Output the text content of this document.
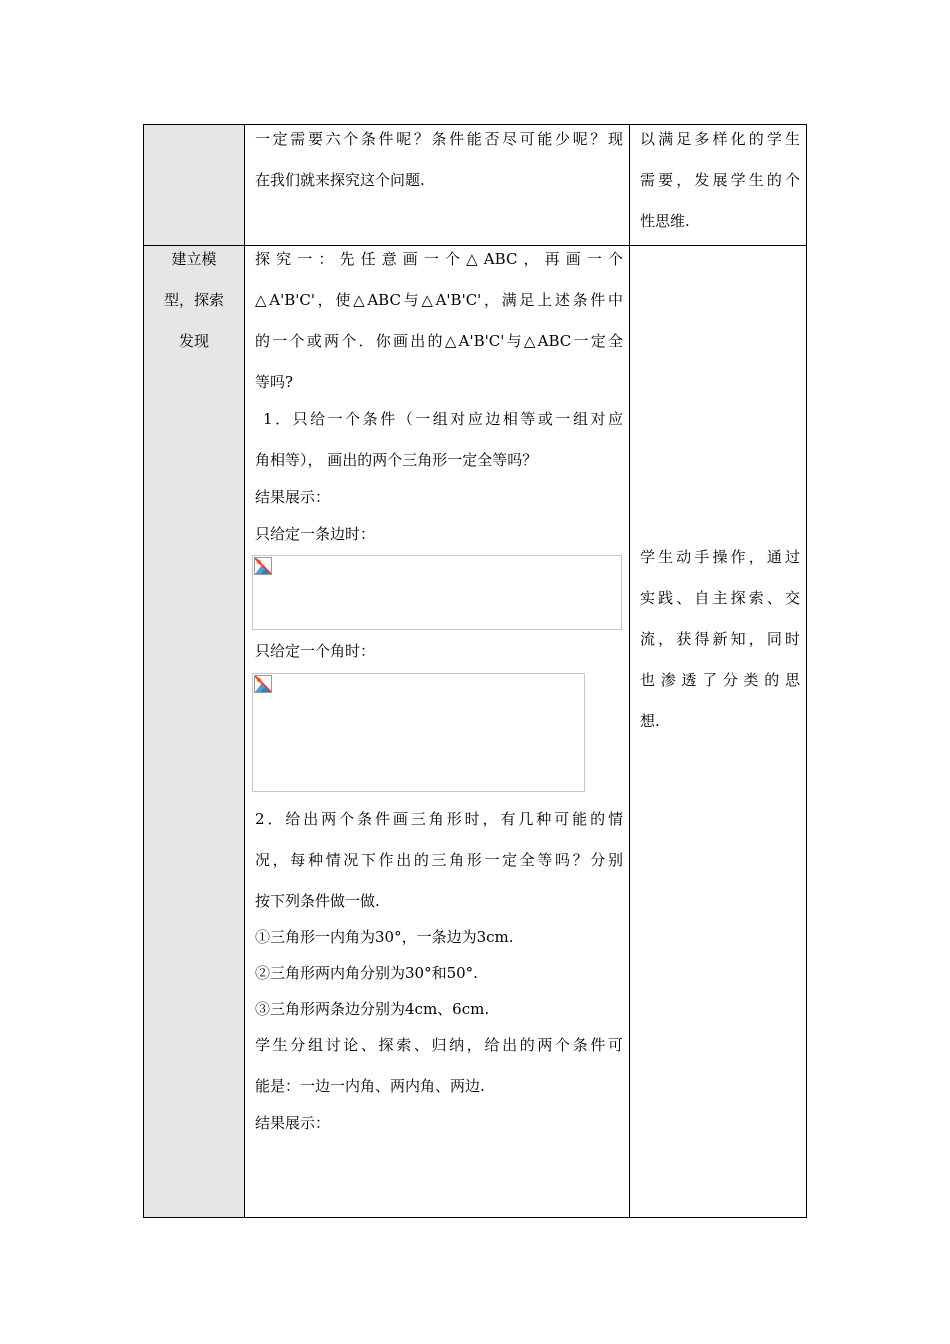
一定需要六个条件呢？条件能否尽可能少呢？现

在我们就来探究这个问题.

以满足多样化的学生

需要，发展学生的个

性思维.

建立模

型，探索

发现

探究一：先任意画一个△ABC，再画一个

△A'B'C'，使△ABC与△A'B'C'，满足上述条件中

的一个或两个．你画出的△A'B'C'与△ABC一定全

等吗?

1．只给一个条件（一组对应边相等或一组对应

角相等）， 画出的两个三角形一定全等吗？

结果展示：
只给定一条边时：
只给定一个角时：

2．给出两个条件画三角形时，有几种可能的情

况，每种情况下作出的三角形一定全等吗？分别

按下列条件做一做.

①三角形一内角为30°，一条边为3cm.
②三角形两内角分别为30°和50°.
③三角形两条边分别为4cm、6cm.

学生分组讨论、探索、归纳，给出的两个条件可

能是：一边一内角、两内角、两边.

结果展示：

学生动手操作，通过

实践、自主探索、交

流，获得新知，同时

也渗透了分类的思

想.
